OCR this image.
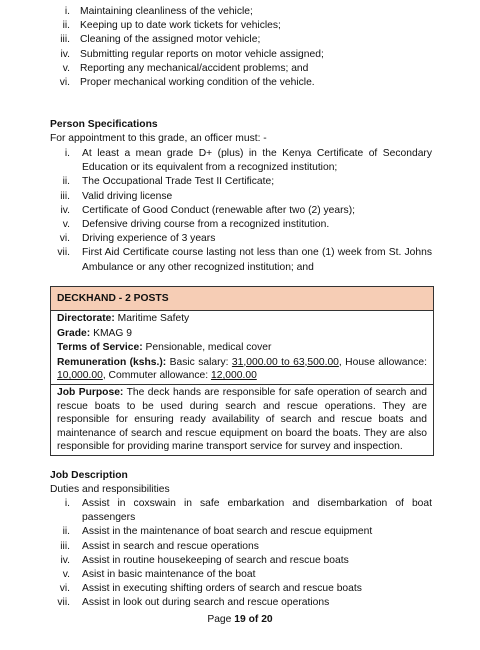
i. Maintaining cleanliness of the vehicle;
ii. Keeping up to date work tickets for vehicles;
iii. Cleaning of the assigned motor vehicle;
iv. Submitting regular reports on motor vehicle assigned;
v. Reporting any mechanical/accident problems; and
vi. Proper mechanical working condition of the vehicle.
Person Specifications
For appointment to this grade, an officer must: -
i. At least a mean grade D+ (plus) in the Kenya Certificate of Secondary Education or its equivalent from a recognized institution;
ii. The Occupational Trade Test II Certificate;
iii. Valid driving license
iv. Certificate of Good Conduct (renewable after two (2) years);
v. Defensive driving course from a recognized institution.
vi. Driving experience of 3 years
vii. First Aid Certificate course lasting not less than one (1) week from St. Johns Ambulance or any other recognized institution; and
DECKHAND - 2 POSTS
Directorate: Maritime Safety
Grade: KMAG 9
Terms of Service: Pensionable, medical cover
Remuneration (kshs.): Basic salary: 31,000.00 to 63,500.00, House allowance: 10,000.00, Commuter allowance: 12,000.00
Job Purpose: The deck hands are responsible for safe operation of search and rescue boats to be used during search and rescue operations. They are responsible for ensuring ready availability of search and rescue boats and maintenance of search and rescue equipment on board the boats. They are also responsible for providing marine transport service for survey and inspection.
Job Description
Duties and responsibilities
i. Assist in coxswain in safe embarkation and disembarkation of boat passengers
ii. Assist in the maintenance of boat search and rescue equipment
iii. Assist in search and rescue operations
iv. Assist in routine housekeeping of search and rescue boats
v. Asist in basic maintenance of the boat
vi. Assist in executing shifting orders of search and rescue boats
vii. Assist in look out during search and rescue operations
Page 19 of 20
